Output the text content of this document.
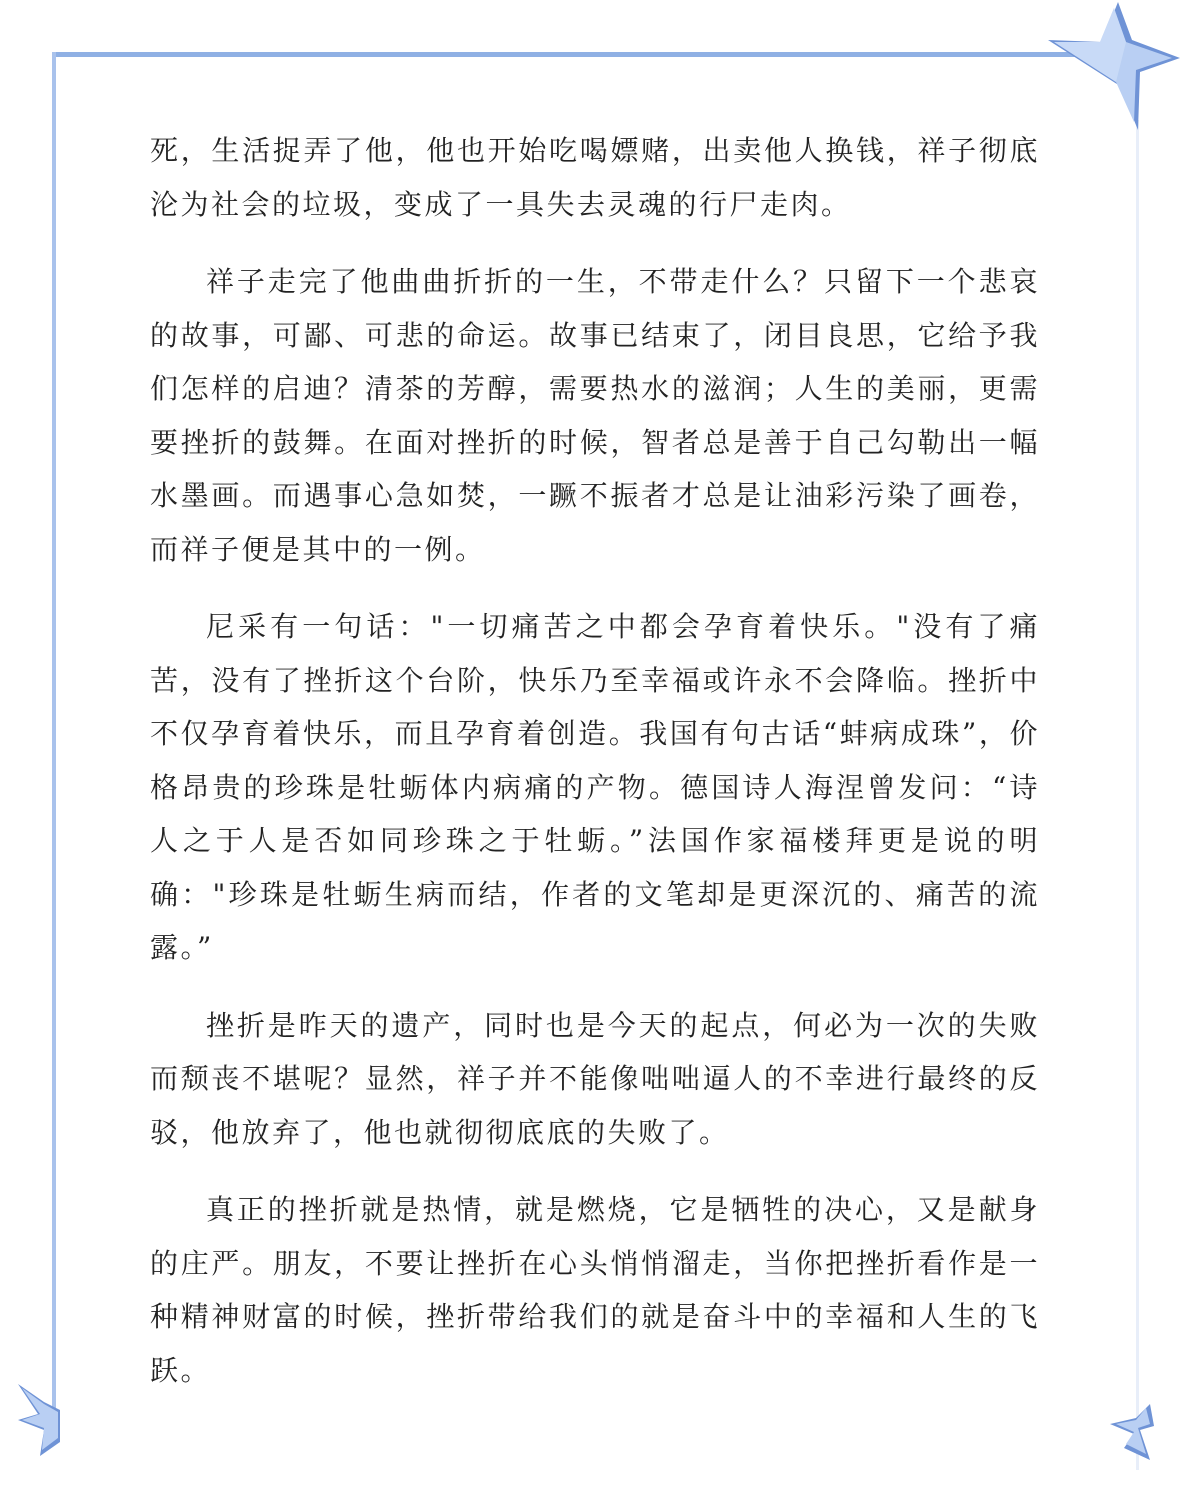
死，生活捉弄了他，他也开始吃喝嫖赌，出卖他人换钱，祥子彻底沦为社会的垃圾，变成了一具失去灵魂的行尸走肉。

祥子走完了他曲曲折折的一生，不带走什么？只留下一个悲哀的故事，可鄙、可悲的命运。故事已结束了，闭目良思，它给予我们怎样的启迪？清茶的芳醇，需要热水的滋润；人生的美丽，更需要挫折的鼓舞。在面对挫折的时候，智者总是善于自己勾勒出一幅水墨画。而遇事心急如焚，一蹶不振者才总是让油彩污染了画卷，而祥子便是其中的一例。

尼采有一句话："一切痛苦之中都会孕育着快乐。"没有了痛苦，没有了挫折这个台阶，快乐乃至幸福或许永不会降临。挫折中不仅孕育着快乐，而且孕育着创造。我国有句古话“蚌病成珠”，价格昂贵的珍珠是牡蛎体内病痛的产物。德国诗人海涅曾发问：“诗人之于人是否如同珍珠之于牡蛎。”法国作家福楼拜更是说的明确："珍珠是牡蛎生病而结，作者的文笔却是更深沉的、痛苦的流露。”

挫折是昨天的遗产，同时也是今天的起点，何必为一次的失败而颓丧不堪呢？显然，祥子并不能像咄咄逼人的不幸进行最终的反驳，他放弃了，他也就彻彻底底的失败了。

真正的挫折就是热情，就是燃烧，它是牺牲的决心，又是献身的庄严。朋友，不要让挫折在心头悄悄溜走，当你把挫折看作是一种精神财富的时候，挫折带给我们的就是奋斗中的幸福和人生的飞跃。
